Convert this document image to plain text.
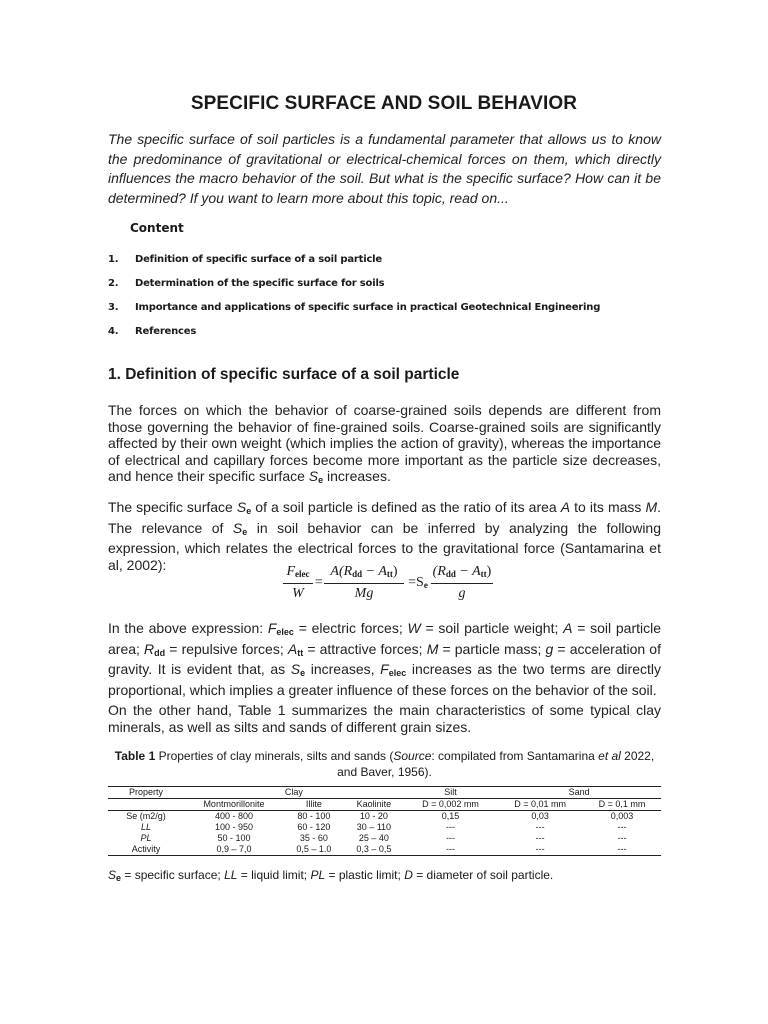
SPECIFIC SURFACE AND SOIL BEHAVIOR
The specific surface of soil particles is a fundamental parameter that allows us to know the predominance of gravitational or electrical-chemical forces on them, which directly influences the macro behavior of the soil. But what is the specific surface? How can it be determined? If you want to learn more about this topic, read on...
Content
1.	Definition of specific surface of a soil particle
2.	Determination of the specific surface for soils
3.	Importance and applications of specific surface in practical Geotechnical Engineering
4.	References
1. Definition of specific surface of a soil particle
The forces on which the behavior of coarse-grained soils depends are different from those governing the behavior of fine-grained soils. Coarse-grained soils are significantly affected by their own weight (which implies the action of gravity), whereas the importance of electrical and capillary forces become more important as the particle size decreases, and hence their specific surface $S_e$ increases.
The specific surface $S_e$ of a soil particle is defined as the ratio of its area A to its mass M. The relevance of $S_e$ in soil behavior can be inferred by analyzing the following expression, which relates the electrical forces to the gravitational force (Santamarina et al, 2002):	$F_{elec}$
W
=
$A(R_{dd} - A_{tt})$
Mg
$=S_e$
$(R_{dd} - A_{tt})$
g
In the above expression: $F_{elec}$ = electric forces; W = soil particle weight; A = soil particle area; $R_{dd}$ = repulsive forces; $A_{tt}$ = attractive forces; M = particle mass; g = acceleration of gravity. It is evident that, as $S_e$ increases, $F_{elec}$ increases as the two terms are directly proportional, which implies a greater influence of these forces on the behavior of the soil.
On the other hand, Table 1 summarizes the main characteristics of some typical clay minerals, as well as silts and sands of different grain sizes.
Table 1 Properties of clay minerals, silts and sands (Source: compilated from Santamarina et al 2022, and Baver, 1956).
Property	Clay			Silt	Sand	
	Montmorillonite	Illite	Kaolinite	D = 0,002 mm	D = 0,01 mm	D = 0,1 mm
Se (m2/g)	400 - 800	80 - 100	10 - 20	0,15	0,03	0,003
LL	100 - 950	60 - 120	30 – 110	---	---	---
PL	50 - 100	35 - 60	25 – 40	---	---	---
Activity	0,9 – 7,0	0,5 – 1.0	0,3 – 0,5	---	---	---
$S_e$ = specific surface; LL = liquid limit; PL = plastic limit; D = diameter of soil particle.
